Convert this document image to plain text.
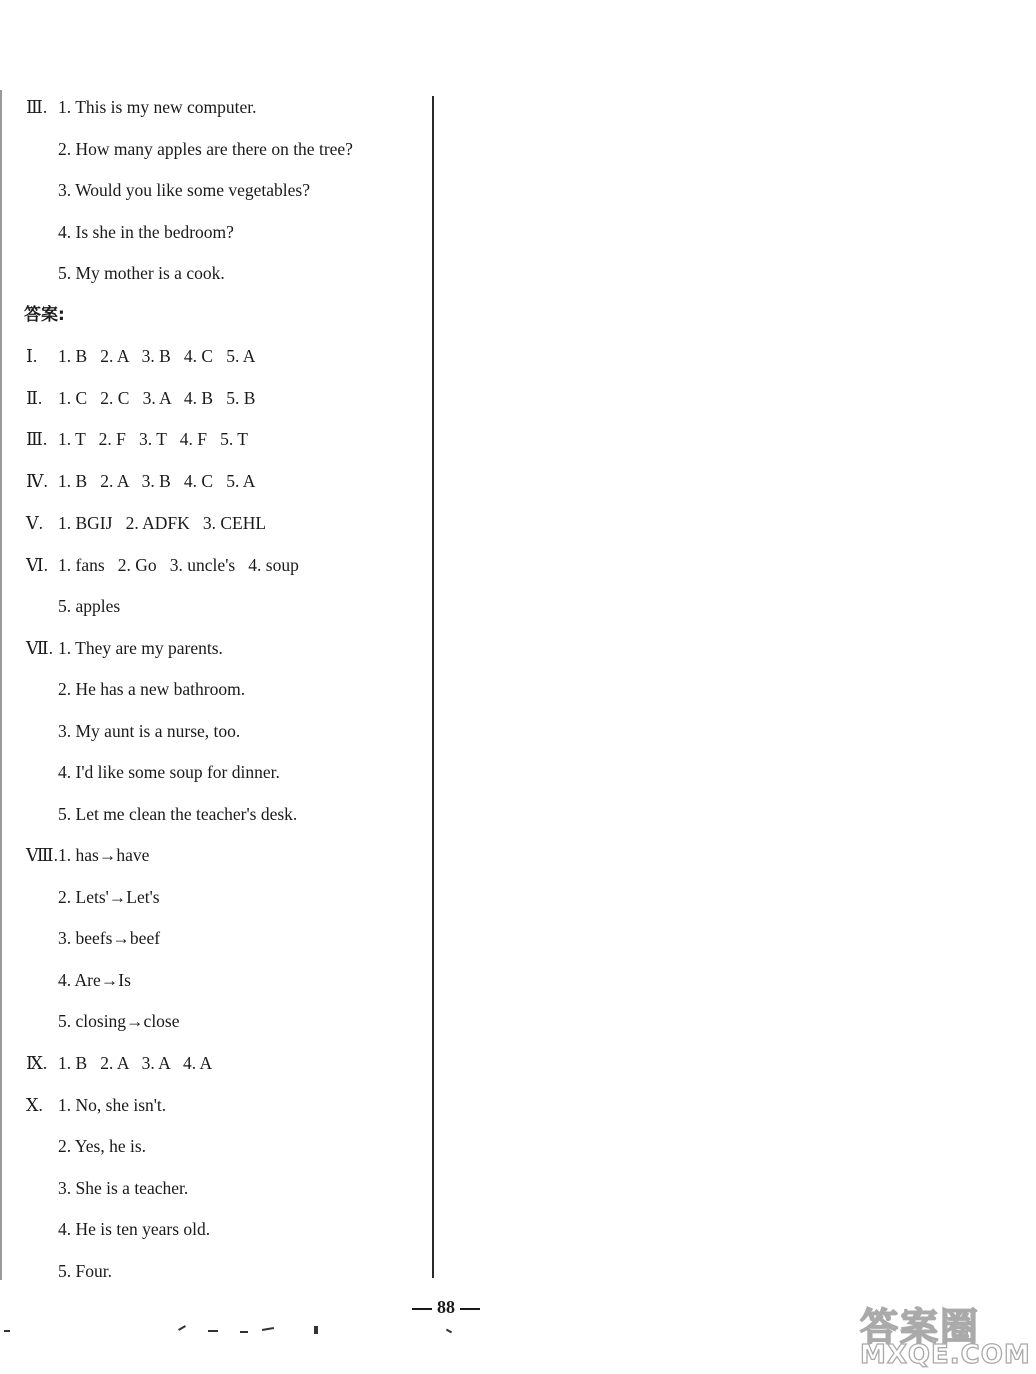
Ⅲ. 1. This is my new computer.
2. How many apples are there on the tree?
3. Would you like some vegetables?
4. Is she in the bedroom?
5. My mother is a cook.
答案:
Ⅰ. 1. B   2. A   3. B   4. C   5. A
Ⅱ. 1. C   2. C   3. A   4. B   5. B
Ⅲ. 1. T   2. F   3. T   4. F   5. T
Ⅳ. 1. B   2. A   3. B   4. C   5. A
Ⅴ. 1. BGIJ   2. ADFK   3. CEHL
Ⅵ. 1. fans   2. Go   3. uncle's   4. soup
5. apples
Ⅶ. 1. They are my parents.
2. He has a new bathroom.
3. My aunt is a nurse, too.
4. I'd like some soup for dinner.
5. Let me clean the teacher's desk.
Ⅷ. 1. has→have
2. Lets'→Let's
3. beefs→beef
4. Are→Is
5. closing→close
Ⅸ. 1. B   2. A   3. A   4. A
Ⅹ. 1. No, she isn't.
2. Yes, he is.
3. She is a teacher.
4. He is ten years old.
5. Four.
88	答案圈
MXQE.COM
